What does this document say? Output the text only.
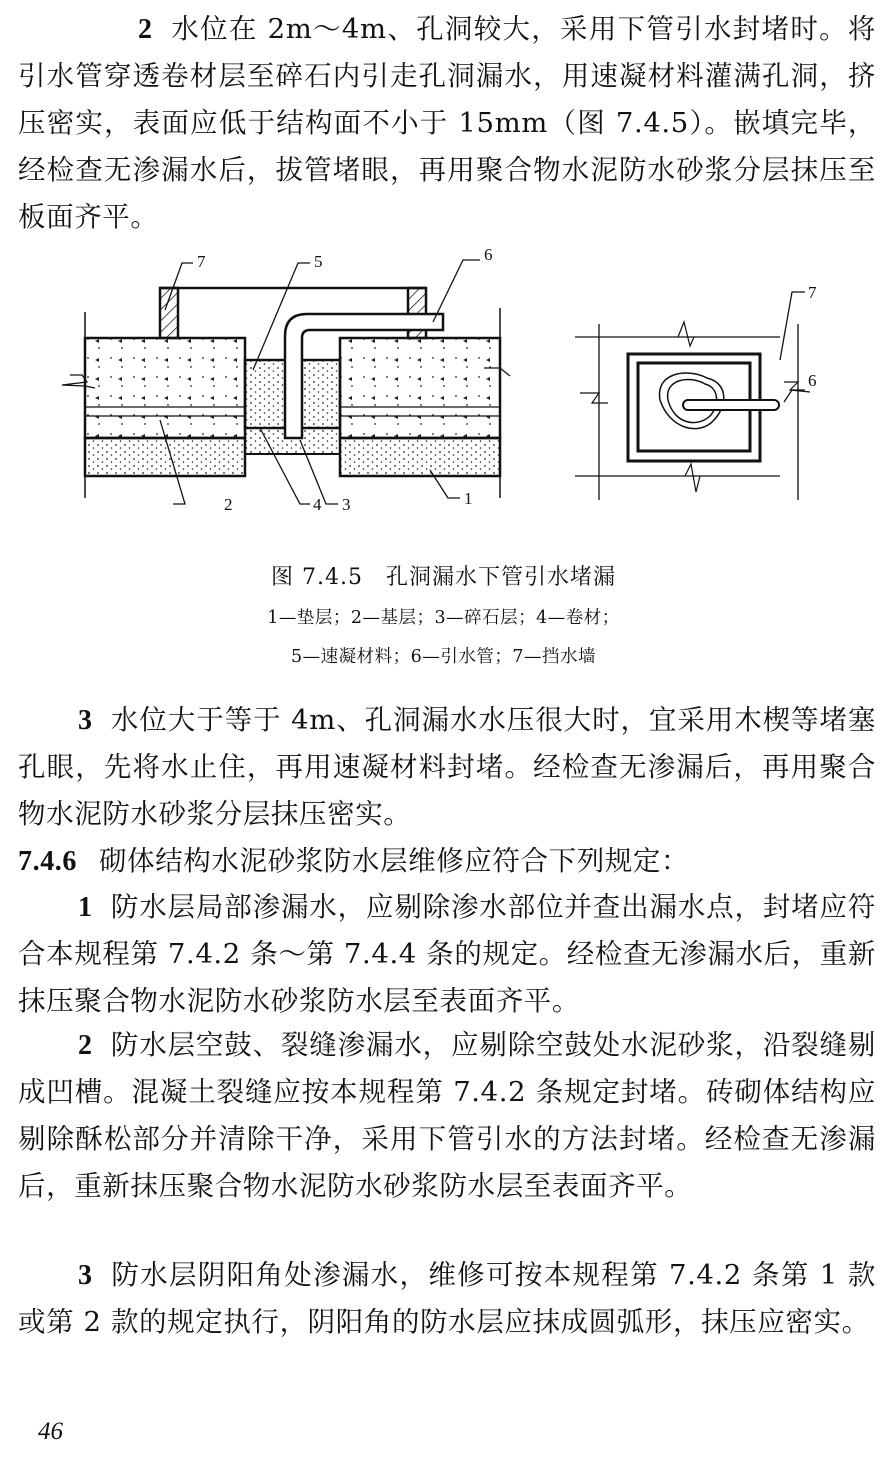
2 水位在 2m～4m、孔洞较大，采用下管引水封堵时。将引水管穿透卷材层至碎石内引走孔洞漏水，用速凝材料灌满孔洞，挤压密实，表面应低于结构面不小于 15mm（图 7.4.5）。嵌填完毕，经检查无渗漏水后，拔管堵眼，再用聚合物水泥防水砂浆分层抹压至板面齐平。
7	5	6
2	4 3	1
7
6
图 7.4.5　孔洞漏水下管引水堵漏
1—垫层；2—基层；3—碎石层；4—卷材；
5—速凝材料；6—引水管；7—挡水墙
3 水位大于等于 4m、孔洞漏水水压很大时，宜采用木楔等堵塞孔眼，先将水止住，再用速凝材料封堵。经检查无渗漏后，再用聚合物水泥防水砂浆分层抹压密实。
7.4.6 砌体结构水泥砂浆防水层维修应符合下列规定：
1 防水层局部渗漏水，应剔除渗水部位并查出漏水点，封堵应符合本规程第 7.4.2 条～第 7.4.4 条的规定。经检查无渗漏水后，重新抹压聚合物水泥防水砂浆防水层至表面齐平。
2 防水层空鼓、裂缝渗漏水，应剔除空鼓处水泥砂浆，沿裂缝剔成凹槽。混凝土裂缝应按本规程第 7.4.2 条规定封堵。砖砌体结构应剔除酥松部分并清除干净，采用下管引水的方法封堵。经检查无渗漏后，重新抹压聚合物水泥防水砂浆防水层至表面齐平。
3 防水层阴阳角处渗漏水，维修可按本规程第 7.4.2 条第 1 款或第 2 款的规定执行，阴阳角的防水层应抹成圆弧形，抹压应密实。
46
